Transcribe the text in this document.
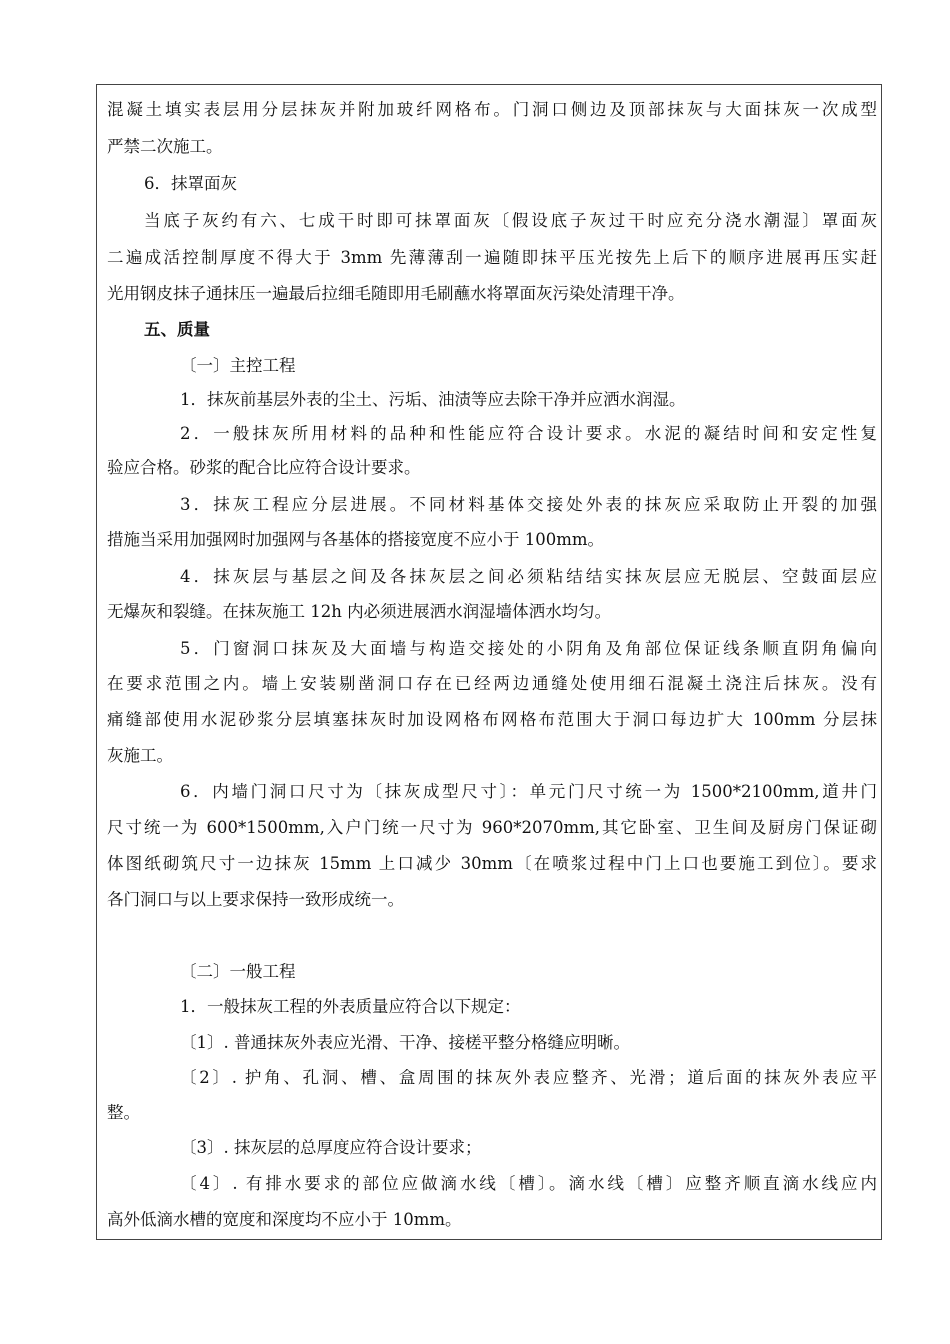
混凝土填实表层用分层抹灰并附加玻纤网格布。门洞口侧边及顶部抹灰与大面抹灰一次成型
严禁二次施工。
6．抹罩面灰
当底子灰约有六、七成干时即可抹罩面灰〔假设底子灰过干时应充分浇水潮湿〕罩面灰
二遍成活控制厚度不得大于 3mm 先薄薄刮一遍随即抹平压光按先上后下的顺序进展再压实赶
光用钢皮抹子通抹压一遍最后拉细毛随即用毛刷蘸水将罩面灰污染处清理干净。
五、质量
〔一〕主控工程
1．抹灰前基层外表的尘土、污垢、油渍等应去除干净并应洒水润湿。
2．一般抹灰所用材料的品种和性能应符合设计要求。水泥的凝结时间和安定性复
验应合格。砂浆的配合比应符合设计要求。
3．抹灰工程应分层进展。不同材料基体交接处外表的抹灰应采取防止开裂的加强
措施当采用加强网时加强网与各基体的搭接宽度不应小于 100mm。
4．抹灰层与基层之间及各抹灰层之间必须粘结结实抹灰层应无脱层、空鼓面层应
无爆灰和裂缝。在抹灰施工 12h 内必须进展洒水润湿墙体洒水均匀。
5．门窗洞口抹灰及大面墙与构造交接处的小阴角及角部位保证线条顺直阴角偏向
在要求范围之内。墙上安装剔凿洞口存在已经两边通缝处使用细石混凝土浇注后抹灰。没有
痛缝部使用水泥砂浆分层填塞抹灰时加设网格布网格布范围大于洞口每边扩大 100mm 分层抹
灰施工。
6．内墙门洞口尺寸为〔抹灰成型尺寸〕：单元门尺寸统一为 1500*2100mm,道井门
尺寸统一为 600*1500mm,入户门统一尺寸为 960*2070mm,其它卧室、卫生间及厨房门保证砌
体图纸砌筑尺寸一边抹灰 15mm 上口减少 30mm〔在喷浆过程中门上口也要施工到位〕。要求
各门洞口与以上要求保持一致形成统一。
〔二〕一般工程
1．一般抹灰工程的外表质量应符合以下规定：
〔1〕. 普通抹灰外表应光滑、干净、接槎平整分格缝应明晰。
〔2〕. 护角、孔洞、槽、盒周围的抹灰外表应整齐、光滑；道后面的抹灰外表应平
整。
〔3〕. 抹灰层的总厚度应符合设计要求；
〔4〕. 有排水要求的部位应做滴水线〔槽〕。滴水线〔槽〕应整齐顺直滴水线应内
高外低滴水槽的宽度和深度均不应小于 10mm。
